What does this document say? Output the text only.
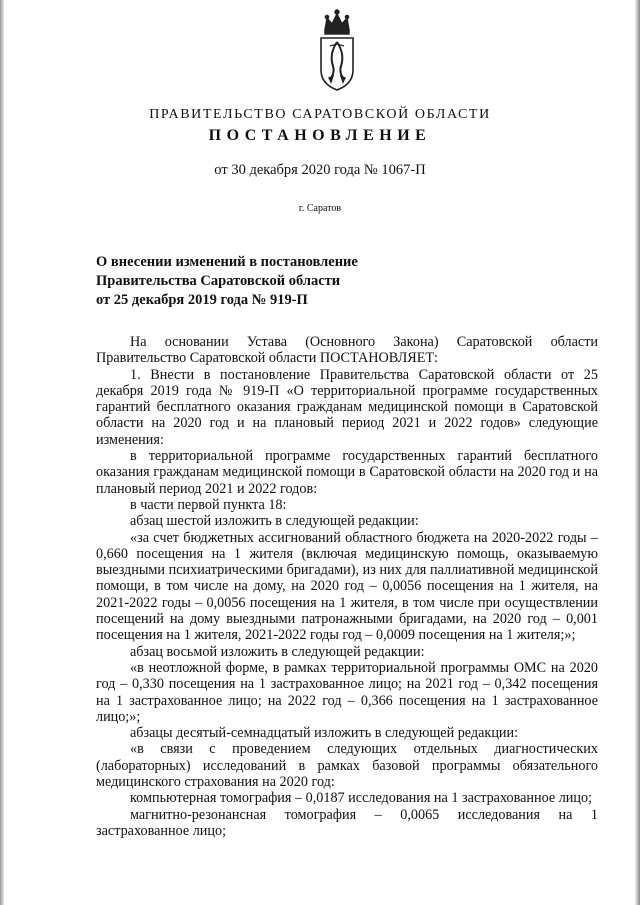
ПРАВИТЕЛЬСТВО САРАТОВСКОЙ ОБЛАСТИ
ПОСТАНОВЛЕНИЕ
от 30 декабря 2020 года № 1067-П
г. Саратов
О внесении изменений в постановление
Правительства Саратовской области
от 25 декабря 2019 года № 919-П

На основании Устава (Основного Закона) Саратовской области Правительство Саратовской области ПОСТАНОВЛЯЕТ:

1. Внести в постановление Правительства Саратовской области от 25 декабря 2019 года № 919-П «О территориальной программе государственных гарантий бесплатного оказания гражданам медицинской помощи в Саратовской области на 2020 год и на плановый период 2021 и 2022 годов» следующие изменения:

в территориальной программе государственных гарантий бесплатного оказания гражданам медицинской помощи в Саратовской области на 2020 год и на плановый период 2021 и 2022 годов:

в части первой пункта 18:

абзац шестой изложить в следующей редакции:

«за счет бюджетных ассигнований областного бюджета на 2020-2022 годы – 0,660 посещения на 1 жителя (включая медицинскую помощь, оказываемую выездными психиатрическими бригадами), из них для паллиативной медицинской помощи, в том числе на дому, на 2020 год – 0,0056 посещения на 1 жителя, на 2021-2022 годы – 0,0056 посещения на 1 жителя, в том числе при осуществлении посещений на дому выездными патронажными бригадами, на 2020 год – 0,001 посещения на 1 жителя, 2021-2022 годы год – 0,0009 посещения на 1 жителя;»;

абзац восьмой изложить в следующей редакции:

«в неотложной форме, в рамках территориальной программы ОМС на 2020 год – 0,330 посещения на 1 застрахованное лицо; на 2021 год – 0,342 посещения на 1 застрахованное лицо; на 2022 год – 0,366 посещения на 1 застрахованное лицо;»;

абзацы десятый-семнадцатый изложить в следующей редакции:

«в связи с проведением следующих отдельных диагностических (лабораторных) исследований в рамках базовой программы обязательного медицинского страхования на 2020 год:

компьютерная томография – 0,0187 исследования на 1 застрахованное лицо;

магнитно-резонансная томография – 0,0065 исследования на 1 застрахованное лицо;
